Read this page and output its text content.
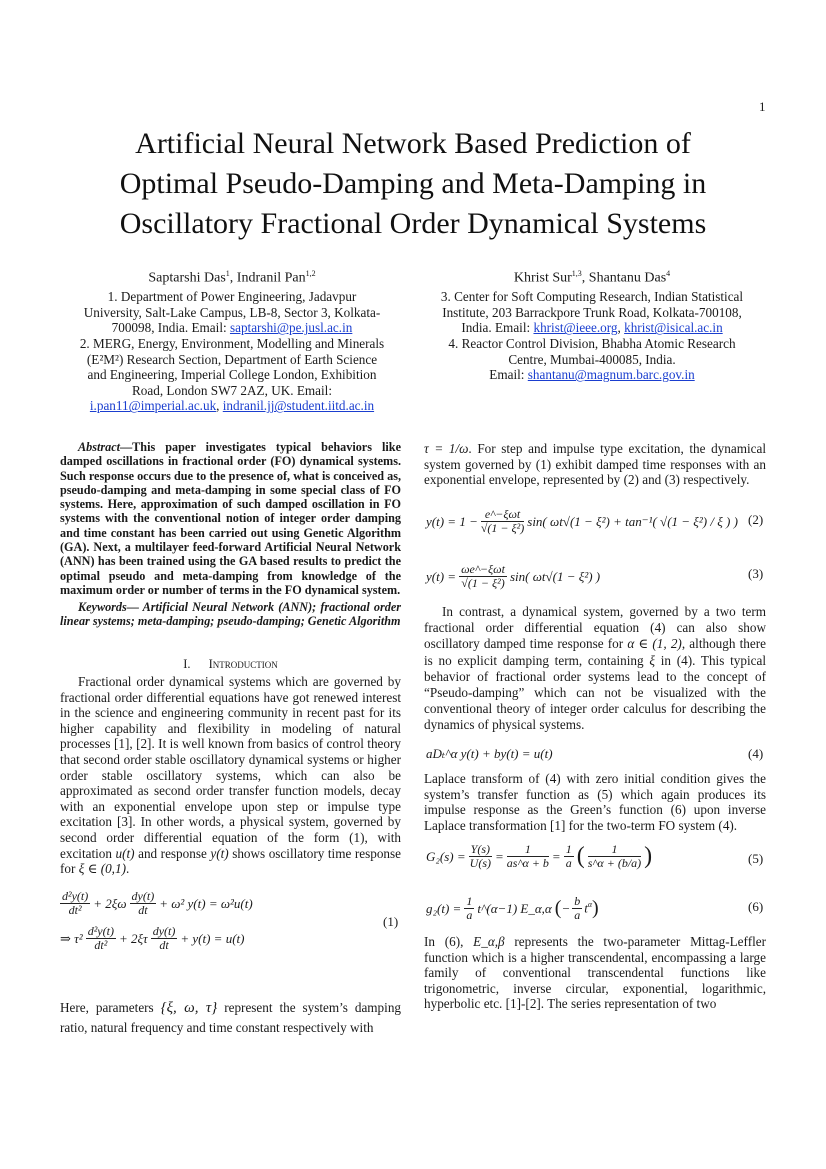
1
Artificial Neural Network Based Prediction of
Optimal Pseudo-Damping and Meta-Damping in
Oscillatory Fractional Order Dynamical Systems
Saptarshi Das$^1$, Indranil Pan$^{1,2}$
1. Department of Power Engineering, Jadavpur
University, Salt-Lake Campus, LB-8, Sector 3, Kolkata-
700098, India. Email: saptarshi@pe.jusl.ac.in
2. MERG, Energy, Environment, Modelling and Minerals
(E²M²) Research Section, Department of Earth Science
and Engineering, Imperial College London, Exhibition
Road, London SW7 2AZ, UK. Email:
i.pan11@imperial.ac.uk, indranil.jj@student.iitd.ac.in
Khrist Sur$^{1,3}$, Shantanu Das$^4$
3. Center for Soft Computing Research, Indian Statistical
Institute, 203 Barrackpore Trunk Road, Kolkata-700108,
India. Email: khrist@ieee.org, khrist@isical.ac.in
4. Reactor Control Division, Bhabha Atomic Research
Centre, Mumbai-400085, India.
Email: shantanu@magnum.barc.gov.in
Abstract—This paper investigates typical behaviors like damped oscillations in fractional order (FO) dynamical systems. Such response occurs due to the presence of, what is conceived as, pseudo-damping and meta-damping in some special class of FO systems. Here, approximation of such damped oscillation in FO systems with the conventional notion of integer order damping and time constant has been carried out using Genetic Algorithm (GA). Next, a multilayer feed-forward Artificial Neural Network (ANN) has been trained using the GA based results to predict the optimal pseudo and meta-damping from knowledge of the maximum order or number of terms in the FO dynamical system.
Keywords— Artificial Neural Network (ANN); fractional order linear systems; meta-damping; pseudo-damping; Genetic Algorithm
I. Introduction
Fractional order dynamical systems which are governed by fractional order differential equations have got renewed interest in the science and engineering community in recent past for its higher capability and flexibility in modeling of natural processes [1], [2]. It is well known from basics of control theory that second order stable oscillatory dynamical systems or higher order stable oscillatory systems, which can also be approximated as second order transfer function models, decay with an exponential envelope upon step or impulse type excitation [3]. In other words, a physical system, governed by second order differential equation of the form (1), with excitation u(t) and response y(t) shows oscillatory time response for ξ ∈ (0,1).
$\frac{\text{d²y(t)}}{\text{dt²}} + 2\xi\omega \frac{dy(t)}{dt} + \omega^2$ y(t) = ω²u(t)
⇒ $\tau^2 \frac{\text{d²y(t)}}{\text{dt²}} + 2\xi\tau \frac{dy(t)}{dt} + y(t) = u(t)$
(1)
Here, parameters {ξ, ω, τ} represent the system’s damping ratio, natural frequency and time constant respectively with
τ = 1/ω. For step and impulse type excitation, the dynamical system governed by (1) exhibit damped time responses with an exponential envelope, represented by (2) and (3) respectively.
$y(t) = 1 - \frac{\text{e\textasciicircum{}−ξωt}}{\text{√(1 − ξ²)}} \sin$( ωt√(1 − ξ²) + tan⁻¹( √(1 − ξ²) / ξ ) ) (2)
$y(t) = \frac{\text{ωe\textasciicircum{}−ξωt}}{\text{√(1 − ξ²)}} \sin$( ωt√(1 − ξ²) )	(3)
In contrast, a dynamical system, governed by a two term fractional order differential equation (4) can also show oscillatory damped time response for α ∈ (1, 2), although there is no explicit damping term, containing ξ in (4). This typical behavior of fractional order systems lead to the concept of “Pseudo-damping” which can not be visualized with the conventional theory of integer order calculus for describing the dynamics of physical systems.
aDₜ^α y(t) + by(t) = u(t)	(4)
Laplace transform of (4) with zero initial condition gives the system’s transfer function as (5) which again produces its impulse response as the Green’s function (6) upon inverse Laplace transformation [1] for the two-term FO system (4).
$G_2(s) = \frac{Y(s)}{U(s)} = \frac{1}{as\^{}\alpha + b} = \frac{1}{a}$ ( $\frac{1}{s\^{}\alpha + (b/a)}$ )	(5)
$g_2(t) = \frac{1}{a}$ t^(α−1) E_α,α ( − $\frac{b}{a} t^\alpha$ )	(6)
In (6), E_α,β represents the two-parameter Mittag-Leffler function which is a higher transcendental, encompassing a large family of conventional transcendental functions like trigonometric, inverse circular, exponential, logarithmic, hyperbolic etc. [1]-[2]. The series representation of two
